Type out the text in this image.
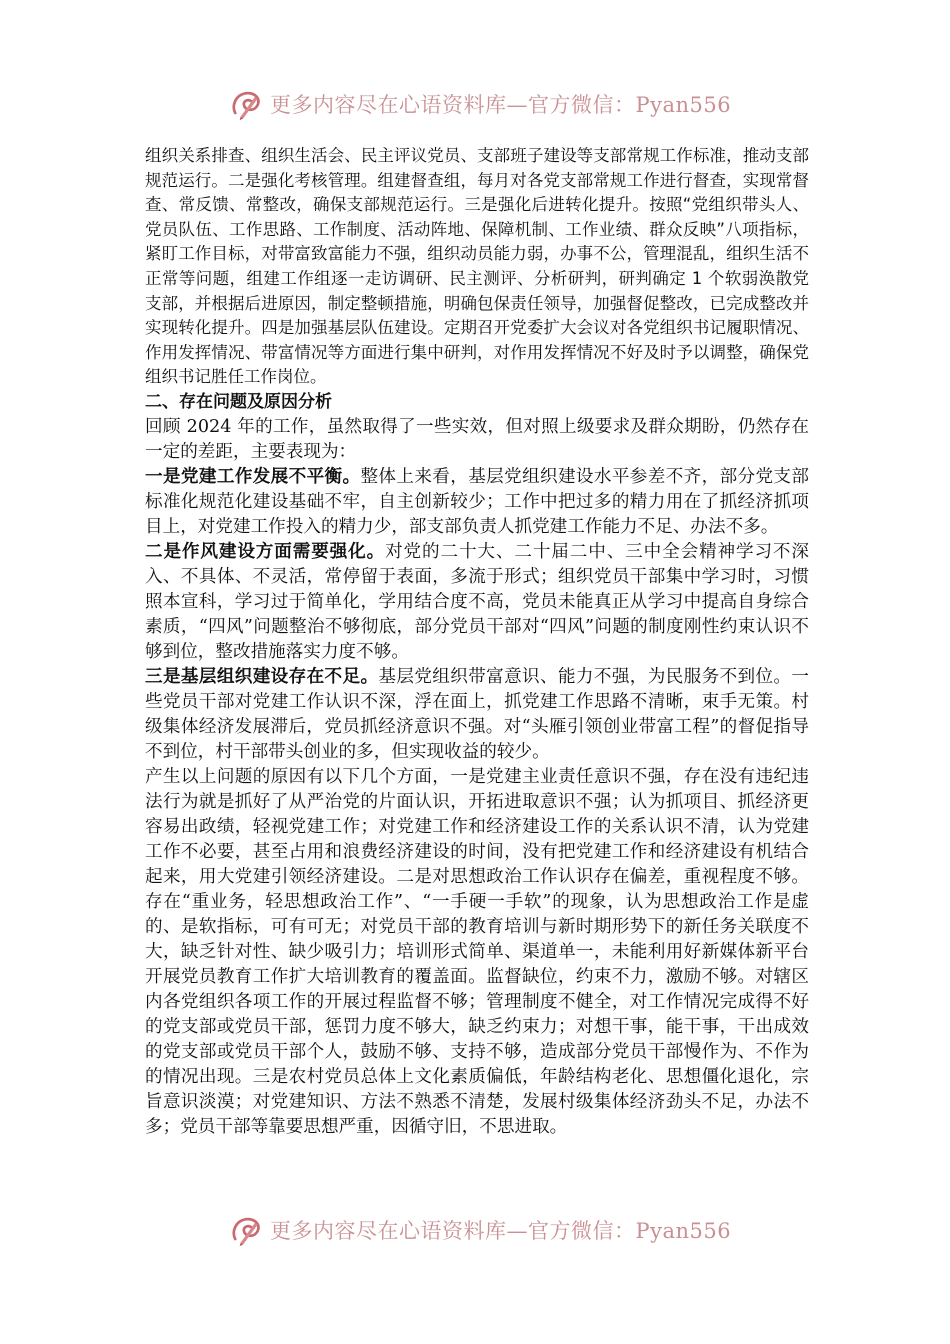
更多内容尽在心语资料库—官方微信：Pyan556

组织关系排查、组织生活会、民主评议党员、支部班子建设等支部常规工作标准，推动支部规范运行。二是强化考核管理。组建督查组，每月对各党支部常规工作进行督查，实现常督查、常反馈、常整改，确保支部规范运行。三是强化后进转化提升。按照“党组织带头人、党员队伍、工作思路、工作制度、活动阵地、保障机制、工作业绩、群众反映”八项指标，紧盯工作目标，对带富致富能力不强，组织动员能力弱，办事不公，管理混乱，组织生活不正常等问题，组建工作组逐一走访调研、民主测评、分析研判，研判确定 1 个软弱涣散党支部，并根据后进原因，制定整顿措施，明确包保责任领导，加强督促整改，已完成整改并实现转化提升。四是加强基层队伍建设。定期召开党委扩大会议对各党组织书记履职情况、作用发挥情况、带富情况等方面进行集中研判，对作用发挥情况不好及时予以调整，确保党组织书记胜任工作岗位。

二、存在问题及原因分析

回顾 2024 年的工作，虽然取得了一些实效，但对照上级要求及群众期盼，仍然存在一定的差距，主要表现为：

一是党建工作发展不平衡。整体上来看，基层党组织建设水平参差不齐，部分党支部标准化规范化建设基础不牢，自主创新较少；工作中把过多的精力用在了抓经济抓项目上，对党建工作投入的精力少，部支部负责人抓党建工作能力不足、办法不多。

二是作风建设方面需要强化。对党的二十大、二十届二中、三中全会精神学习不深入、不具体、不灵活，常停留于表面，多流于形式；组织党员干部集中学习时，习惯照本宣科，学习过于简单化，学用结合度不高，党员未能真正从学习中提高自身综合素质，“四风”问题整治不够彻底，部分党员干部对“四风”问题的制度刚性约束认识不够到位，整改措施落实力度不够。

三是基层组织建设存在不足。基层党组织带富意识、能力不强，为民服务不到位。一些党员干部对党建工作认识不深，浮在面上，抓党建工作思路不清晰，束手无策。村级集体经济发展滞后，党员抓经济意识不强。对“头雁引领创业带富工程”的督促指导不到位，村干部带头创业的多，但实现收益的较少。

产生以上问题的原因有以下几个方面，一是党建主业责任意识不强，存在没有违纪违法行为就是抓好了从严治党的片面认识，开拓进取意识不强；认为抓项目、抓经济更容易出政绩，轻视党建工作；对党建工作和经济建设工作的关系认识不清，认为党建工作不必要，甚至占用和浪费经济建设的时间，没有把党建工作和经济建设有机结合起来，用大党建引领经济建设。二是对思想政治工作认识存在偏差，重视程度不够。存在“重业务，轻思想政治工作”、“一手硬一手软”的现象，认为思想政治工作是虚的、是软指标，可有可无；对党员干部的教育培训与新时期形势下的新任务关联度不大，缺乏针对性、缺少吸引力；培训形式简单、渠道单一，未能利用好新媒体新平台开展党员教育工作扩大培训教育的覆盖面。监督缺位，约束不力，激励不够。对辖区内各党组织各项工作的开展过程监督不够；管理制度不健全，对工作情况完成得不好的党支部或党员干部，惩罚力度不够大，缺乏约束力；对想干事，能干事，干出成效的党支部或党员干部个人，鼓励不够、支持不够，造成部分党员干部慢作为、不作为的情况出现。三是农村党员总体上文化素质偏低，年龄结构老化、思想僵化退化，宗旨意识淡漠；对党建知识、方法不熟悉不清楚，发展村级集体经济劲头不足，办法不多；党员干部等靠要思想严重，因循守旧，不思进取。

更多内容尽在心语资料库—官方微信：Pyan556
